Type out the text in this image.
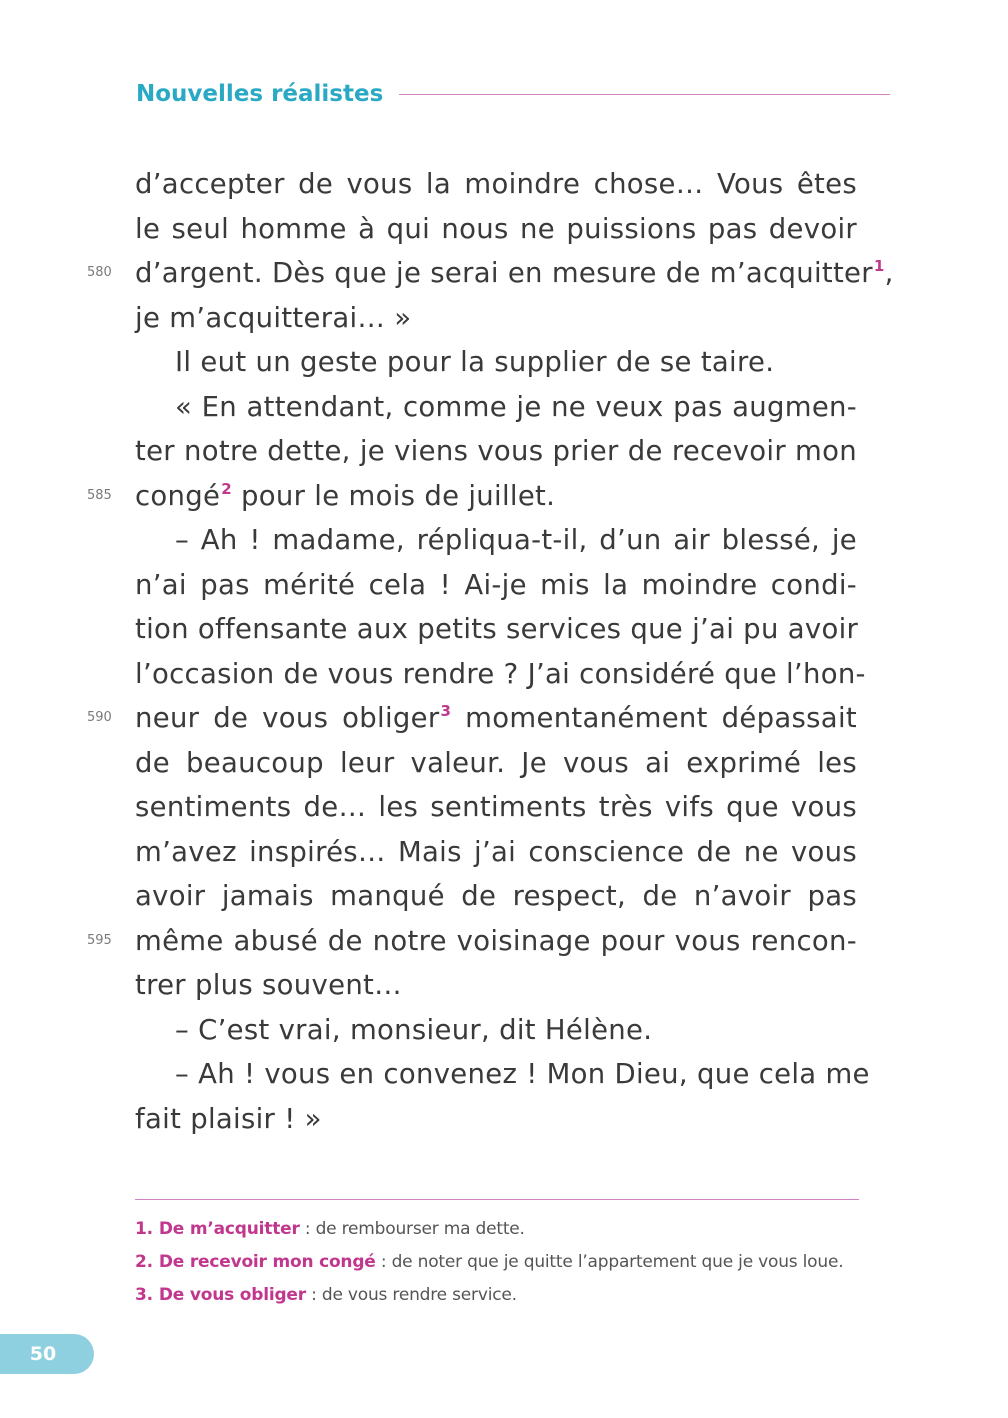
Nouvelles réalistes
d’accepter de vous la moindre chose… Vous êtes
le seul homme à qui nous ne puissions pas devoir
580 d’argent. Dès que je serai en mesure de m’acquitter$^1$,
je m’acquitterai… »
Il eut un geste pour la supplier de se taire.
« En attendant, comme je ne veux pas augmen-
ter notre dette, je viens vous prier de recevoir mon
585 congé$^2$ pour le mois de juillet.
– Ah ! madame, répliqua-t-il, d’un air blessé, je
n’ai pas mérité cela ! Ai-je mis la moindre condi-
tion offensante aux petits services que j’ai pu avoir
l’occasion de vous rendre ? J’ai considéré que l’hon-
590 neur de vous obliger$^3$ momentanément dépassait
de beaucoup leur valeur. Je vous ai exprimé les
sentiments de… les sentiments très vifs que vous
m’avez inspirés… Mais j’ai conscience de ne vous
avoir jamais manqué de respect, de n’avoir pas
595 même abusé de notre voisinage pour vous rencon-
trer plus souvent…
– C’est vrai, monsieur, dit Hélène.
– Ah ! vous en convenez ! Mon Dieu, que cela me
fait plaisir ! »
1. De m’acquitter : de rembourser ma dette.
2. De recevoir mon congé : de noter que je quitte l’appartement que je vous loue.
3. De vous obliger : de vous rendre service.
50
